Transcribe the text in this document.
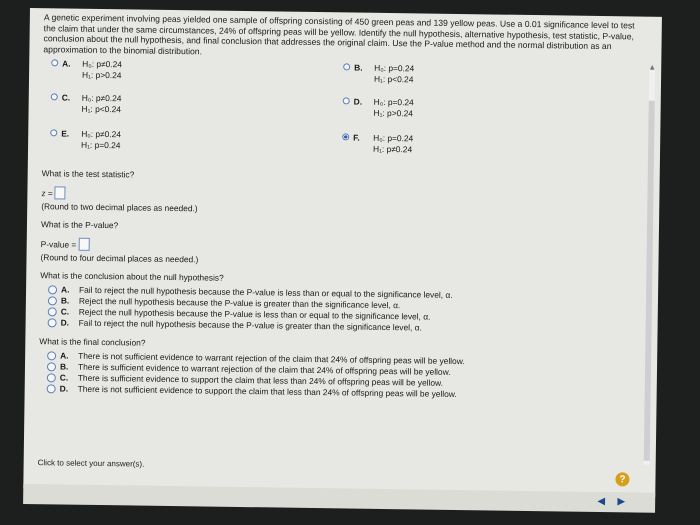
A genetic experiment involving peas yielded one sample of offspring consisting of 450 green peas and 139 yellow peas. Use a 0.01 significance level to test the claim that under the same circumstances, 24% of offspring peas will be yellow. Identify the null hypothesis, alternative hypothesis, test statistic, P-value, conclusion about the null hypothesis, and final conclusion that addresses the original claim. Use the P-value method and the normal distribution as an approximation to the binomial distribution.
A.	H₀: p≠0.24
H₁: p>0.24
B.	H₀: p=0.24
H₁: p<0.24
C.	H₀: p≠0.24
H₁: p<0.24
D.	H₀: p=0.24
H₁: p>0.24
E.	H₀: p≠0.24
H₁: p=0.24
F.	H₀: p=0.24
H₁: p≠0.24
What is the test statistic?
z =
(Round to two decimal places as needed.)
What is the P-value?
P-value =
(Round to four decimal places as needed.)
What is the conclusion about the null hypothesis?
A.	Fail to reject the null hypothesis because the P-value is less than or equal to the significance level, α.
B.	Reject the null hypothesis because the P-value is greater than the significance level, α.
C.	Reject the null hypothesis because the P-value is less than or equal to the significance level, α.
D.	Fail to reject the null hypothesis because the P-value is greater than the significance level, α.
What is the final conclusion?
A.	There is not sufficient evidence to warrant rejection of the claim that 24% of offspring peas will be yellow.
B.	There is sufficient evidence to warrant rejection of the claim that 24% of offspring peas will be yellow.
C.	There is sufficient evidence to support the claim that less than 24% of offspring peas will be yellow.
D.	There is not sufficient evidence to support the claim that less than 24% of offspring peas will be yellow.
▲
Click to select your answer(s).
?
◀ ▶
